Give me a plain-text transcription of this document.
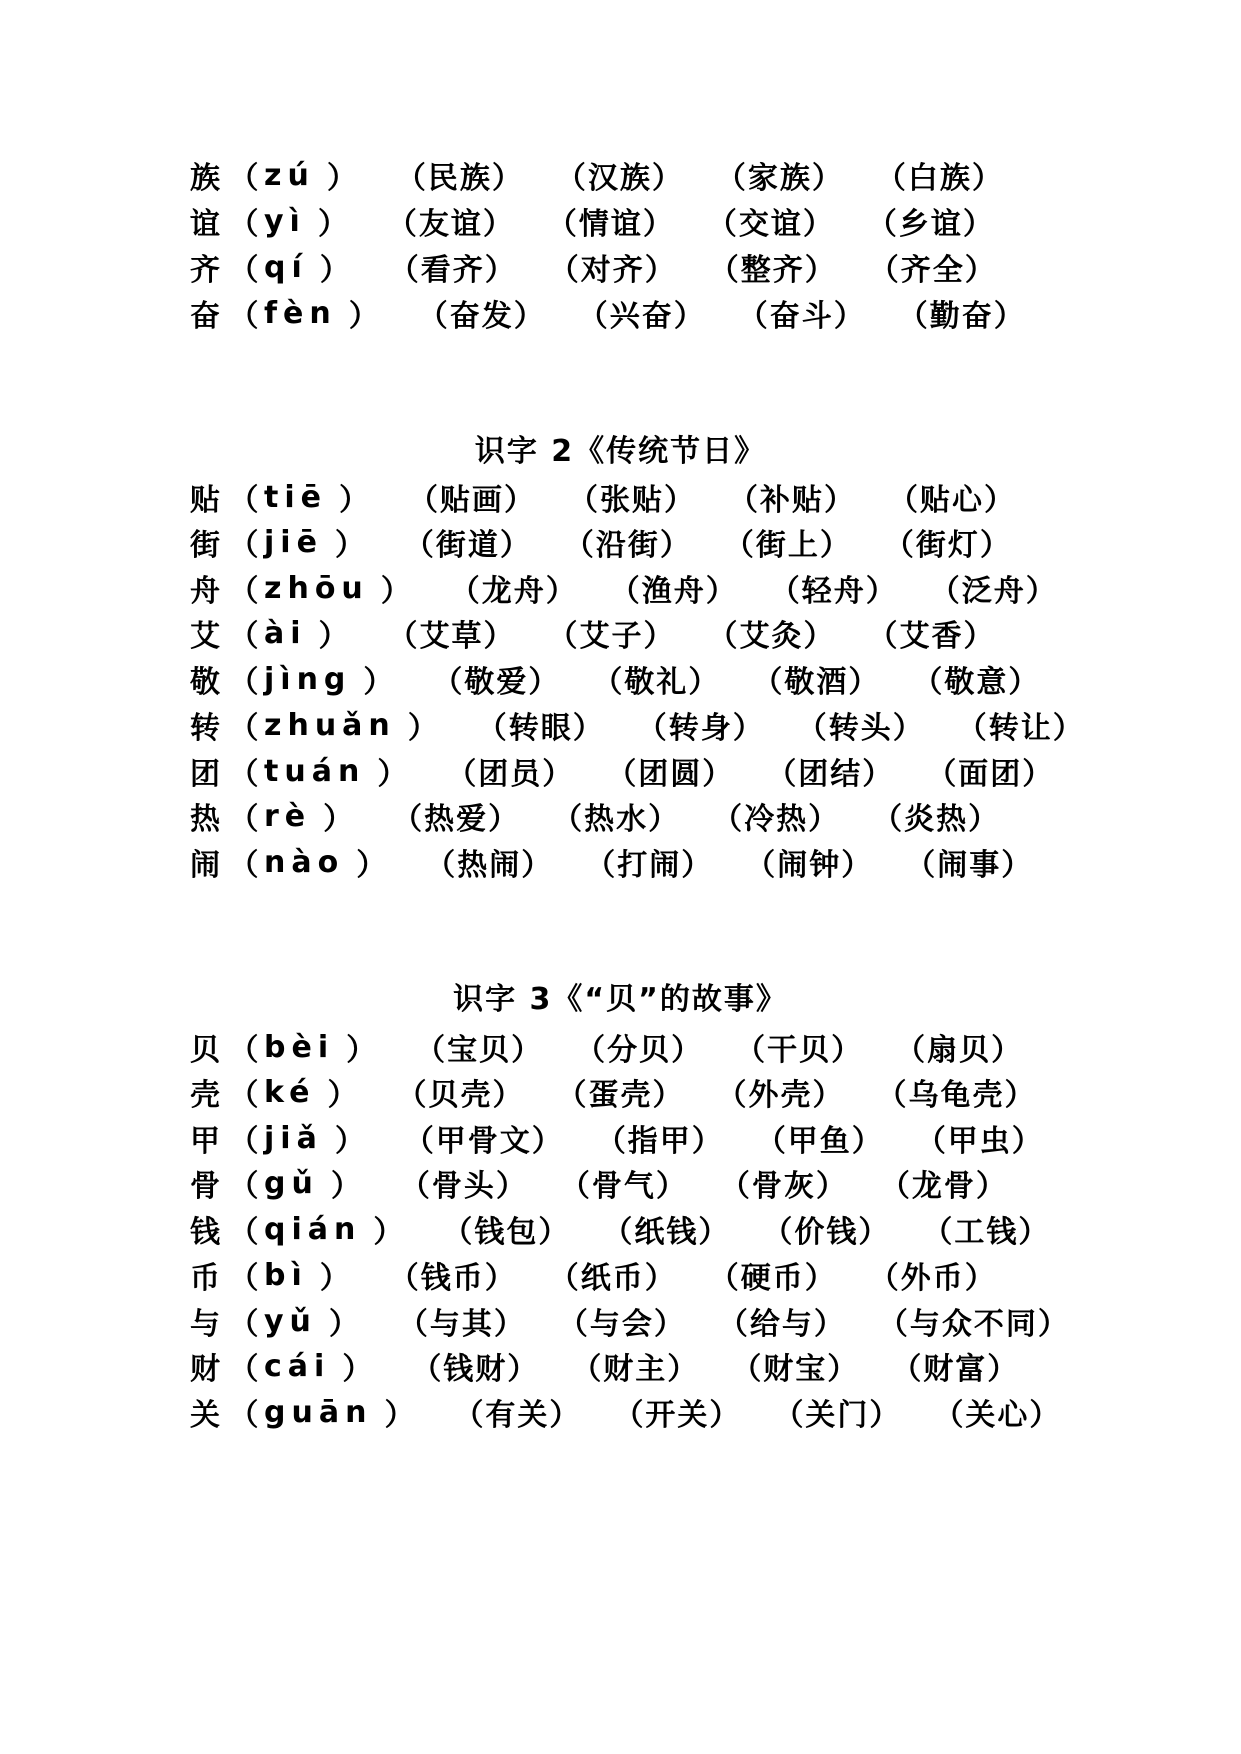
族 （ zú ） （民族） （汉族） （家族） （白族）
谊 （ yì ） （友谊） （情谊） （交谊） （乡谊）
齐 （ qí ） （看齐） （对齐） （整齐） （齐全）
奋 （ fèn ） （奋发） （兴奋） （奋斗） （勤奋）
识字 2《传统节日》
贴 （ tiē ） （贴画） （张贴） （补贴） （贴心）
街 （ jiē ） （街道） （沿街） （街上） （街灯）
舟 （ zhōu ） （龙舟） （渔舟） （轻舟） （泛舟）
艾 （ ài ） （艾草） （艾子） （艾灸） （艾香）
敬 （ jìng ） （敬爱） （敬礼） （敬酒） （敬意）
转 （ zhuǎn ） （转眼） （转身） （转头） （转让）
团 （ tuán ） （团员） （团圆） （团结） （面团）
热 （ rè ） （热爱） （热水） （冷热） （炎热）
闹 （ nào ） （热闹） （打闹） （闹钟） （闹事）
识字 3《“贝”的故事》
贝 （ bèi ） （宝贝） （分贝） （干贝） （扇贝）
壳 （ ké ） （贝壳） （蛋壳） （外壳） （乌龟壳）
甲 （ jiǎ ） （甲骨文） （指甲） （甲鱼） （甲虫）
骨 （ gǔ ） （骨头） （骨气） （骨灰） （龙骨）
钱 （ qián ） （钱包） （纸钱） （价钱） （工钱）
币 （ bì ） （钱币） （纸币） （硬币） （外币）
与 （ yǔ ） （与其） （与会） （给与） （与众不同）
财 （ cái ） （钱财） （财主） （财宝） （财富）
关 （ guān ） （有关） （开关） （关门） （关心）
